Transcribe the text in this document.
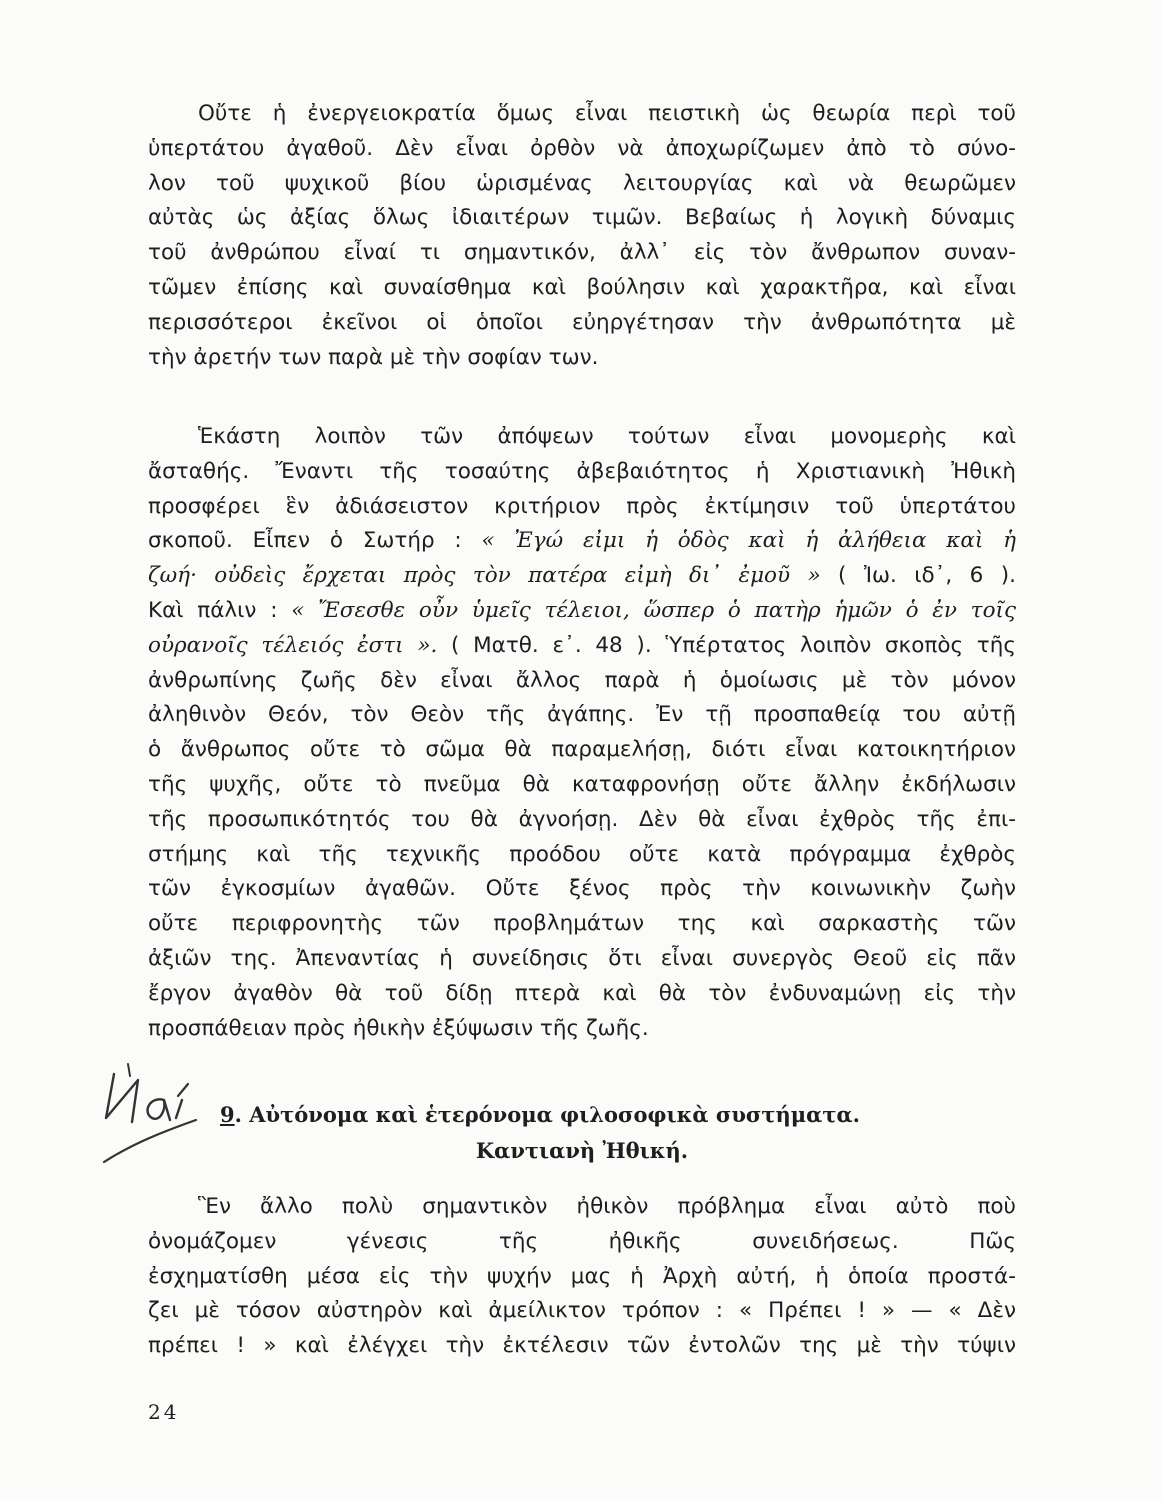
Οὔτε ἡ ἐνεργειοκρατία ὅμως εἶναι πειστικὴ ὡς θεωρία περὶ τοῦ
ὑπερτάτου ἀγαθοῦ. Δὲν εἶναι ὀρθὸν νὰ ἀποχωρίζωμεν ἀπὸ τὸ σύνο-
λον τοῦ ψυχικοῦ βίου ὡρισμένας λειτουργίας καὶ νὰ θεωρῶμεν
αὐτὰς ὡς ἀξίας ὅλως ἰδιαιτέρων τιμῶν. Βεβαίως ἡ λογικὴ δύναμις
τοῦ ἀνθρώπου εἶναί τι σημαντικόν, ἀλλ᾽ εἰς τὸν ἄνθρωπον συναν-
τῶμεν ἐπίσης καὶ συναίσθημα καὶ βούλησιν καὶ χαρακτῆρα, καὶ εἶναι
περισσότεροι ἐκεῖνοι οἱ ὁποῖοι εὐηργέτησαν τὴν ἀνθρωπότητα μὲ
τὴν ἀρετήν των παρὰ μὲ τὴν σοφίαν των.

Ἑκάστη λοιπὸν τῶν ἀπόψεων τούτων εἶναι μονομερὴς καὶ
ἄσταθής. Ἔναντι τῆς τοσαύτης ἀβεβαιότητος ἡ Χριστιανικὴ Ἠθικὴ
προσφέρει ἓν ἀδιάσειστον κριτήριον πρὸς ἐκτίμησιν τοῦ ὑπερτάτου
σκοποῦ. Εἶπεν ὁ Σωτήρ : « Ἐγώ εἰμι ἡ ὁδὸς καὶ ἡ ἀλήθεια καὶ ἡ
ζωή· οὐδεὶς ἔρχεται πρὸς τὸν πατέρα εἰμὴ δι᾽ ἐμοῦ » ( Ἰω. ιδ᾽, 6 ).
Καὶ πάλιν : « Ἔσεσθε οὖν ὑμεῖς τέλειοι, ὥσπερ ὁ πατὴρ ἡμῶν ὁ ἐν τοῖς
οὐρανοῖς τέλειός ἐστι ». ( Ματθ. ε᾽. 48 ). Ὑπέρτατος λοιπὸν σκοπὸς τῆς
ἀνθρωπίνης ζωῆς δὲν εἶναι ἄλλος παρὰ ἡ ὁμοίωσις μὲ τὸν μόνον
ἀληθινὸν Θεόν, τὸν Θεὸν τῆς ἀγάπης. Ἐν τῇ προσπαθείᾳ του αὐτῇ
ὁ ἄνθρωπος οὔτε τὸ σῶμα θὰ παραμελήσῃ, διότι εἶναι κατοικητήριον
τῆς ψυχῆς, οὔτε τὸ πνεῦμα θὰ καταφρονήσῃ οὔτε ἄλλην ἐκδήλωσιν
τῆς προσωπικότητός του θὰ ἀγνοήσῃ. Δὲν θὰ εἶναι ἐχθρὸς τῆς ἐπι-
στήμης καὶ τῆς τεχνικῆς προόδου οὔτε κατὰ πρόγραμμα ἐχθρὸς
τῶν ἐγκοσμίων ἀγαθῶν. Οὔτε ξένος πρὸς τὴν κοινωνικὴν ζωὴν
οὔτε περιφρονητὴς τῶν προβλημάτων της καὶ σαρκαστὴς τῶν
ἀξιῶν της. Ἀπεναντίας ἡ συνείδησις ὅτι εἶναι συνεργὸς Θεοῦ εἰς πᾶν
ἔργον ἀγαθὸν θὰ τοῦ δίδῃ πτερὰ καὶ θὰ τὸν ἐνδυναμώνῃ εἰς τὴν
προσπάθειαν πρὸς ἠθικὴν ἐξύψωσιν τῆς ζωῆς.

9. Αὐτόνομα καὶ ἑτερόνομα φιλοσοφικὰ συστήματα.
Καντιανὴ Ἠθική.

Ἓν ἄλλο πολὺ σημαντικὸν ἠθικὸν πρόβλημα εἶναι αὐτὸ ποὺ
ὀνομάζομεν γένεσις τῆς ἠθικῆς συνειδήσεως. Πῶς
ἐσχηματίσθη μέσα εἰς τὴν ψυχήν μας ἡ Ἀρχὴ αὐτή, ἡ ὁποία προστά-
ζει μὲ τόσον αὐστηρὸν καὶ ἀμείλικτον τρόπον : « Πρέπει ! » — « Δὲν
πρέπει ! » καὶ ἐλέγχει τὴν ἐκτέλεσιν τῶν ἐντολῶν της μὲ τὴν τύψιν

24
